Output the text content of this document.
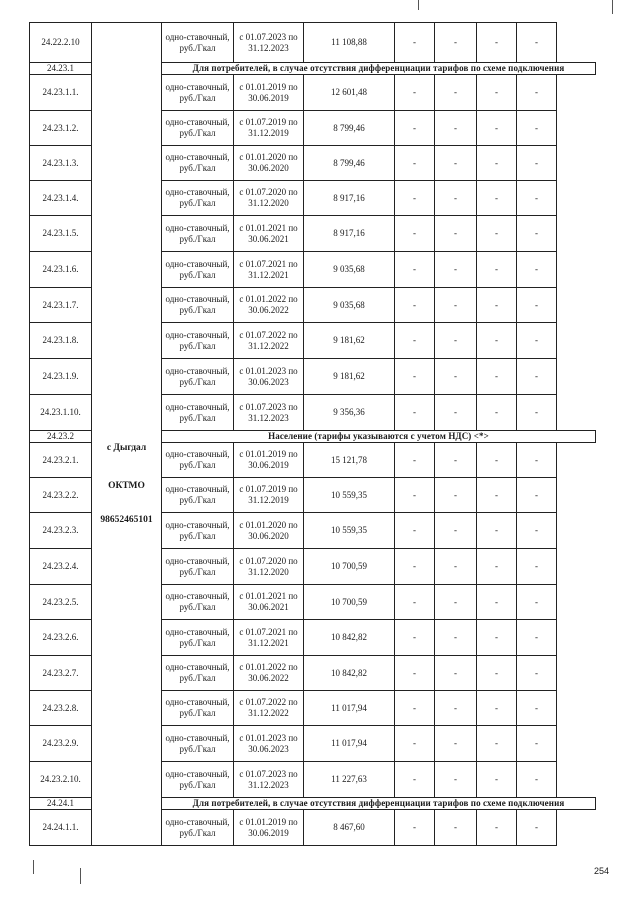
24.22.2.10	с Дыгдал
ОКТМО
98652465101	одно-ставочный, руб./Гкал	с 01.07.2023 по 31.12.2023	11 108,88	-	-	-	-
24.23.1		Для потребителей, в случае отсутствия дифференциации тарифов по схеме подключения						
24.23.1.1.		одно-ставочный, руб./Гкал	с 01.01.2019 по 30.06.2019	12 601,48	-	-	-	-
24.23.1.2.		одно-ставочный, руб./Гкал	с 01.07.2019 по 31.12.2019	8 799,46	-	-	-	-
24.23.1.3.		одно-ставочный, руб./Гкал	с 01.01.2020 по 30.06.2020	8 799,46	-	-	-	-
24.23.1.4.		одно-ставочный, руб./Гкал	с 01.07.2020 по 31.12.2020	8 917,16	-	-	-	-
24.23.1.5.		одно-ставочный, руб./Гкал	с 01.01.2021 по 30.06.2021	8 917,16	-	-	-	-
24.23.1.6.		одно-ставочный, руб./Гкал	с 01.07.2021 по 31.12.2021	9 035,68	-	-	-	-
24.23.1.7.		одно-ставочный, руб./Гкал	с 01.01.2022 по 30.06.2022	9 035,68	-	-	-	-
24.23.1.8.		одно-ставочный, руб./Гкал	с 01.07.2022 по 31.12.2022	9 181,62	-	-	-	-
24.23.1.9.		одно-ставочный, руб./Гкал	с 01.01.2023 по 30.06.2023	9 181,62	-	-	-	-
24.23.1.10.		одно-ставочный, руб./Гкал	с 01.07.2023 по 31.12.2023	9 356,36	-	-	-	-
24.23.2		Население (тарифы указываются с учетом НДС) <*>						
24.23.2.1.		одно-ставочный, руб./Гкал	с 01.01.2019 по 30.06.2019	15 121,78	-	-	-	-
24.23.2.2.		одно-ставочный, руб./Гкал	с 01.07.2019 по 31.12.2019	10 559,35	-	-	-	-
24.23.2.3.		одно-ставочный, руб./Гкал	с 01.01.2020 по 30.06.2020	10 559,35	-	-	-	-
24.23.2.4.		одно-ставочный, руб./Гкал	с 01.07.2020 по 31.12.2020	10 700,59	-	-	-	-
24.23.2.5.		одно-ставочный, руб./Гкал	с 01.01.2021 по 30.06.2021	10 700,59	-	-	-	-
24.23.2.6.		одно-ставочный, руб./Гкал	с 01.07.2021 по 31.12.2021	10 842,82	-	-	-	-
24.23.2.7.		одно-ставочный, руб./Гкал	с 01.01.2022 по 30.06.2022	10 842,82	-	-	-	-
24.23.2.8.		одно-ставочный, руб./Гкал	с 01.07.2022 по 31.12.2022	11 017,94	-	-	-	-
24.23.2.9.		одно-ставочный, руб./Гкал	с 01.01.2023 по 30.06.2023	11 017,94	-	-	-	-
24.23.2.10.		одно-ставочный, руб./Гкал	с 01.07.2023 по 31.12.2023	11 227,63	-	-	-	-
24.24.1		Для потребителей, в случае отсутствия дифференциации тарифов по схеме подключения						
24.24.1.1.		одно-ставочный, руб./Гкал	с 01.01.2019 по 30.06.2019	8 467,60	-	-	-	-
254
